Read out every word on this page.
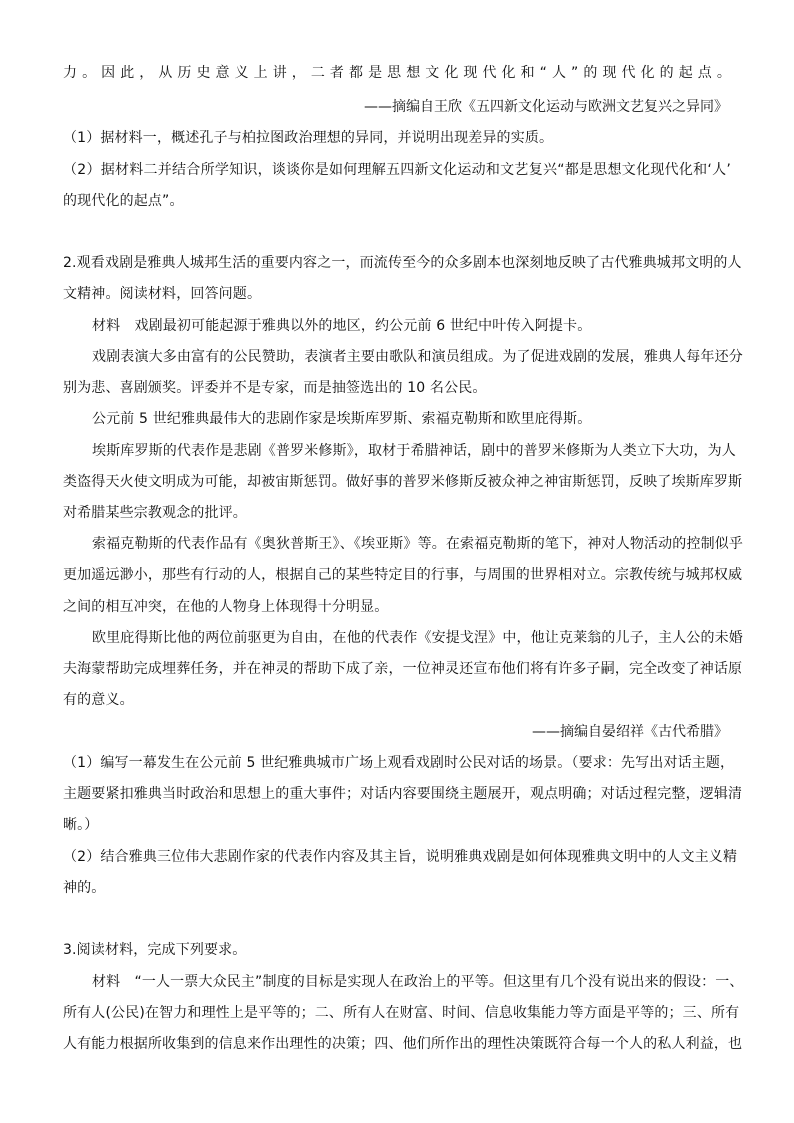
力。因此，从历史意义上讲，二者都是思想文化现代化和“人”的现代化的起点。
——摘编自王欣《五四新文化运动与欧洲文艺复兴之异同》
（1）据材料一，概述孔子与柏拉图政治理想的异同，并说明出现差异的实质。
（2）据材料二并结合所学知识，谈谈你是如何理解五四新文化运动和文艺复兴“都是思想文化现代化和‘人’
的现代化的起点”。
2.观看戏剧是雅典人城邦生活的重要内容之一，而流传至今的众多剧本也深刻地反映了古代雅典城邦文明的人
文精神。阅读材料，回答问题。
材料　戏剧最初可能起源于雅典以外的地区，约公元前 6 世纪中叶传入阿提卡。
戏剧表演大多由富有的公民赞助，表演者主要由歌队和演员组成。为了促进戏剧的发展，雅典人每年还分
别为悲、喜剧颁奖。评委并不是专家，而是抽签选出的 10 名公民。
公元前 5 世纪雅典最伟大的悲剧作家是埃斯库罗斯、索福克勒斯和欧里庇得斯。
埃斯库罗斯的代表作是悲剧《普罗米修斯》，取材于希腊神话，剧中的普罗米修斯为人类立下大功，为人
类盗得天火使文明成为可能，却被宙斯惩罚。做好事的普罗米修斯反被众神之神宙斯惩罚，反映了埃斯库罗斯
对希腊某些宗教观念的批评。
索福克勒斯的代表作品有《奥狄普斯王》、《埃亚斯》等。在索福克勒斯的笔下，神对人物活动的控制似乎
更加遥远渺小，那些有行动的人，根据自己的某些特定目的行事，与周围的世界相对立。宗教传统与城邦权威
之间的相互冲突，在他的人物身上体现得十分明显。
欧里庇得斯比他的两位前驱更为自由，在他的代表作《安提戈涅》中，他让克莱翁的儿子，主人公的未婚
夫海蒙帮助完成埋葬任务，并在神灵的帮助下成了亲，一位神灵还宣布他们将有许多子嗣，完全改变了神话原
有的意义。
——摘编自晏绍祥《古代希腊》
（1）编写一幕发生在公元前 5 世纪雅典城市广场上观看戏剧时公民对话的场景。（要求：先写出对话主题，
主题要紧扣雅典当时政治和思想上的重大事件；对话内容要围绕主题展开，观点明确；对话过程完整，逻辑清
晰。）
（2）结合雅典三位伟大悲剧作家的代表作内容及其主旨，说明雅典戏剧是如何体现雅典文明中的人文主义精
神的。
3.阅读材料，完成下列要求。
材料　“一人一票大众民主”制度的目标是实现人在政治上的平等。但这里有几个没有说出来的假设：一、
所有人(公民)在智力和理性上是平等的；二、所有人在财富、时间、信息收集能力等方面是平等的；三、所有
人有能力根据所收集到的信息来作出理性的决策；四、他们所作出的理性决策既符合每一个人的私人利益，也
